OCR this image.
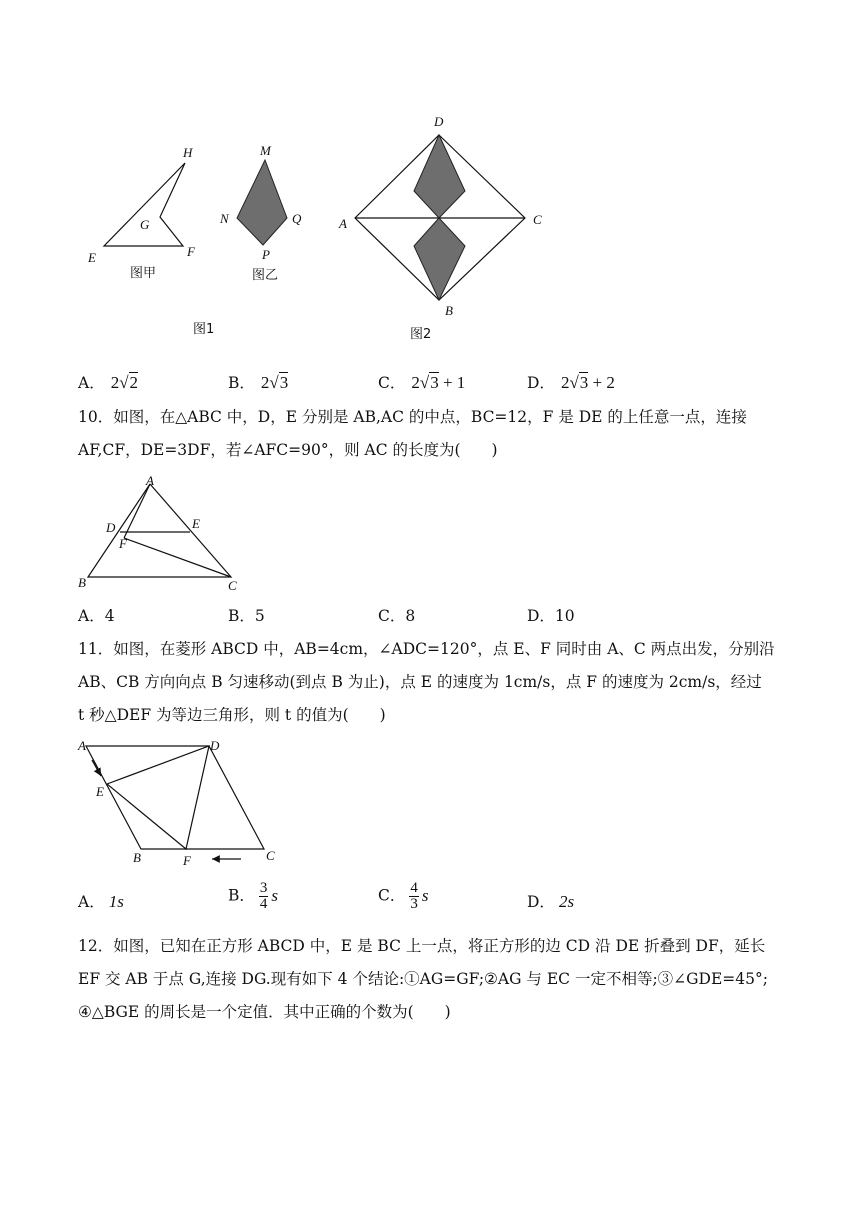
H
G
E	F
图甲
M
N	Q
P
图乙
图1
D
A	C
B
图2
A． 2√2	B． 2√3	C． 2√3 + 1	D． 2√3 + 2
10．如图，在△ABC 中，D，E 分别是 AB,AC 的中点，BC=12，F 是 DE 的上任意一点，连接
AF,CF，DE=3DF，若∠AFC=90°，则 AC 的长度为(　　)
A
D	E
F
B	C
A．4	B．5	C．8	D．10
11．如图，在菱形 ABCD 中，AB=4cm，∠ADC=120°，点 E、F 同时由 A、C 两点出发，分别沿
AB、CB 方向向点 B 匀速移动(到点 B 为止)，点 E 的速度为 1cm/s，点 F 的速度为 2cm/s，经过
t 秒△DEF 为等边三角形，则 t 的值为(　　)
A	D
E
B	F	C
A． 1s	B． $\frac{3}{4}$ s	C． $\frac{4}{3}$ s	D． 2s
12．如图，已知在正方形 ABCD 中，E 是 BC 上一点，将正方形的边 CD 沿 DE 折叠到 DF，延长
EF 交 AB 于点 G,连接 DG.现有如下 4 个结论:①AG=GF;②AG 与 EC 一定不相等;③∠GDE=45°;
④△BGE 的周长是一个定值．其中正确的个数为(　　)
